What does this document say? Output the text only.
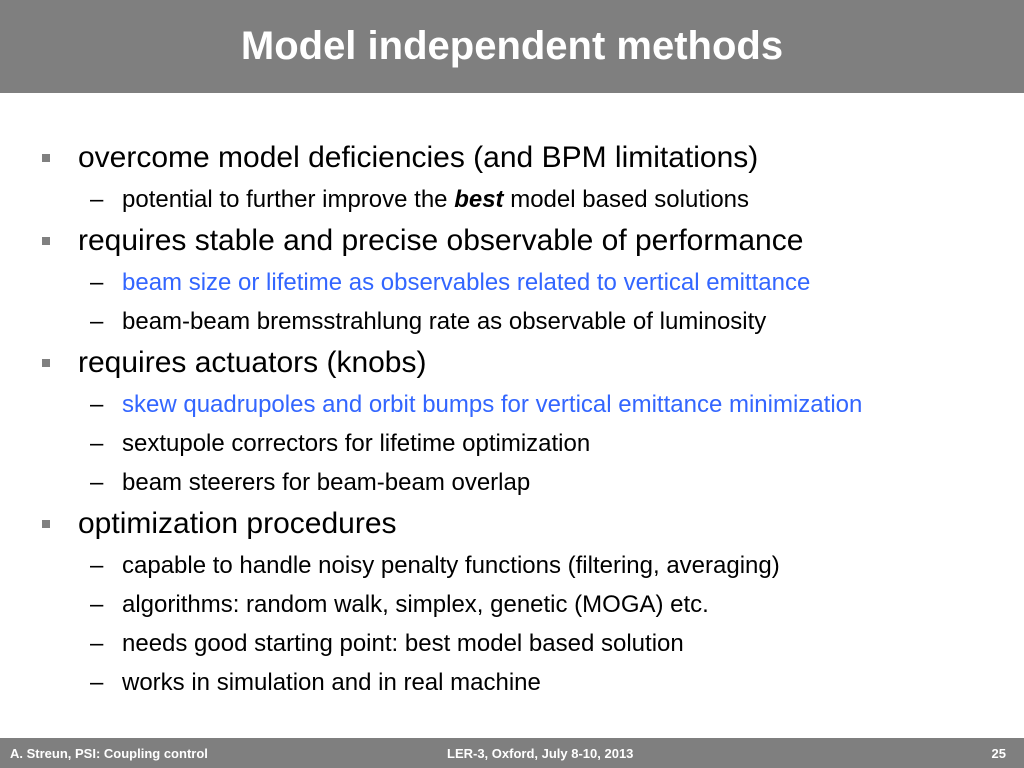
Model independent methods
overcome model deficiencies (and BPM limitations)
– potential to further improve the best model based solutions
requires stable and precise observable of performance
– beam size or lifetime as observables related to vertical emittance
– beam-beam bremsstrahlung rate as observable of luminosity
requires actuators (knobs)
– skew quadrupoles and orbit bumps for vertical emittance minimization
– sextupole correctors for lifetime optimization
– beam steerers for beam-beam overlap
optimization procedures
– capable to handle noisy penalty functions (filtering, averaging)
– algorithms: random walk, simplex, genetic (MOGA) etc.
– needs good starting point: best model based solution
– works in simulation and in real machine
A. Streun, PSI: Coupling control	LER-3, Oxford, July 8-10, 2013	25
